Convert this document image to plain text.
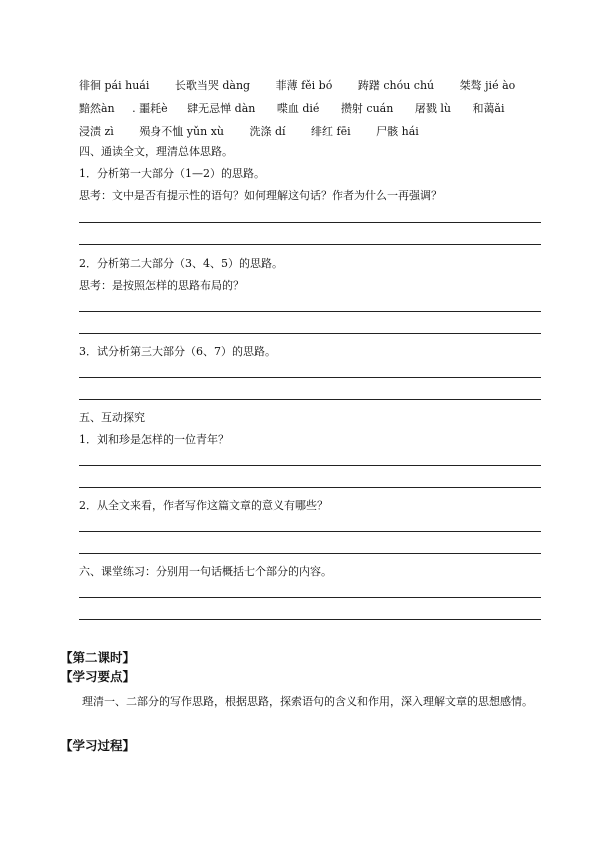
徘徊 pái huái 长歌当哭 dàng 菲薄 fěi bó 踌躇 chóu chú 桀骜 jié ào
黯然àn . 噩耗è 肆无忌惮 dàn 喋血 dié 攒射 cuán 屠戮 lù 和蔼ǎi
浸渍 zì 殒身不恤 yǔn xù 洗涤 dí 绯红 fēi 尸骸 hái
四、通读全文，理清总体思路。
1．分析第一大部分（1—2）的思路。
思考：文中是否有提示性的语句？如何理解这句话？作者为什么一再强调？
2．分析第二大部分（3、4、5）的思路。
思考：是按照怎样的思路布局的？
3．试分析第三大部分（6、7）的思路。
五、互动探究
1．刘和珍是怎样的一位青年？
2．从全文来看，作者写作这篇文章的意义有哪些？
六、课堂练习：分别用一句话概括七个部分的内容。
【第二课时】
【学习要点】
理清一、二部分的写作思路，根据思路，探索语句的含义和作用，深入理解文章的思想感情。
【学习过程】
